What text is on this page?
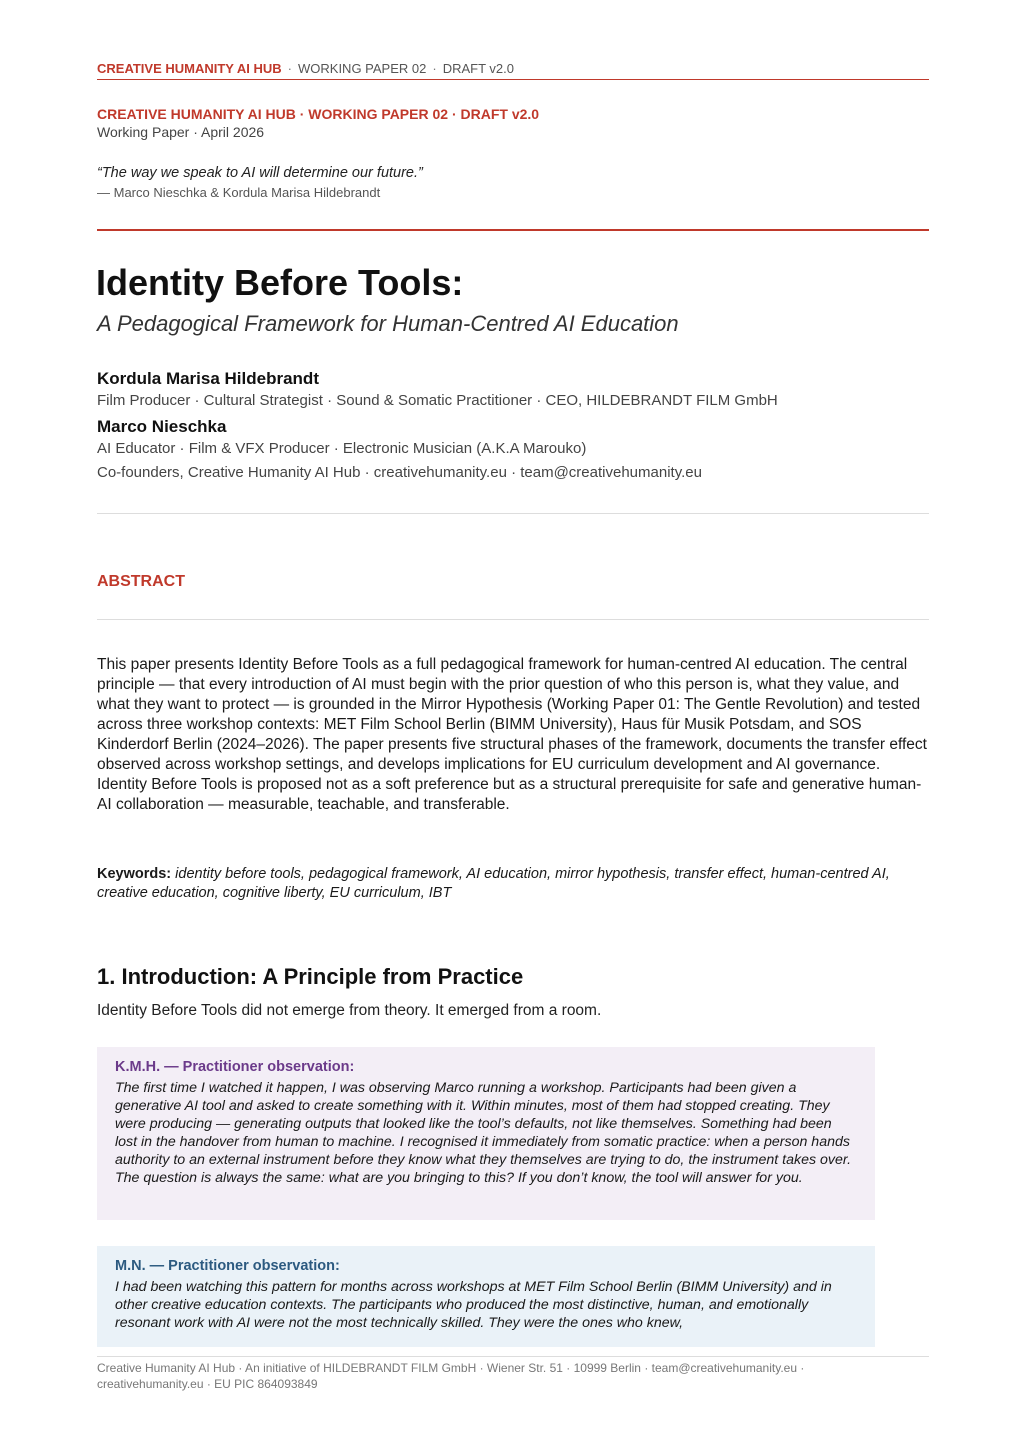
CREATIVE HUMANITY AI HUB · WORKING PAPER 02 · DRAFT v2.0
CREATIVE HUMANITY AI HUB · WORKING PAPER 02 · DRAFT v2.0
Working Paper · April 2026
“The way we speak to AI will determine our future.”
— Marco Nieschka & Kordula Marisa Hildebrandt
Identity Before Tools:
A Pedagogical Framework for Human-Centred AI Education
Kordula Marisa Hildebrandt
Film Producer · Cultural Strategist · Sound & Somatic Practitioner · CEO, HILDEBRANDT FILM GmbH
Marco Nieschka
AI Educator · Film & VFX Producer · Electronic Musician (A.K.A Marouko)
Co-founders, Creative Humanity AI Hub · creativehumanity.eu · team@creativehumanity.eu
ABSTRACT

This paper presents Identity Before Tools as a full pedagogical framework for human-centred AI education. The central principle — that every introduction of AI must begin with the prior question of who this person is, what they value, and what they want to protect — is grounded in the Mirror Hypothesis (Working Paper 01: The Gentle Revolution) and tested across three workshop contexts: MET Film School Berlin (BIMM University), Haus für Musik Potsdam, and SOS Kinderdorf Berlin (2024–2026). The paper presents five structural phases of the framework, documents the transfer effect observed across workshop settings, and develops implications for EU curriculum development and AI governance. Identity Before Tools is proposed not as a soft preference but as a structural prerequisite for safe and generative human-AI collaboration — measurable, teachable, and transferable.

Keywords: identity before tools, pedagogical framework, AI education, mirror hypothesis, transfer effect, human-centred AI, creative education, cognitive liberty, EU curriculum, IBT

1. Introduction: A Principle from Practice
Identity Before Tools did not emerge from theory. It emerged from a room.
K.M.H. — Practitioner observation:

The first time I watched it happen, I was observing Marco running a workshop. Participants had been given a generative AI tool and asked to create something with it. Within minutes, most of them had stopped creating. They were producing — generating outputs that looked like the tool’s defaults, not like themselves. Something had been lost in the handover from human to machine. I recognised it immediately from somatic practice: when a person hands authority to an external instrument before they know what they themselves are trying to do, the instrument takes over. The question is always the same: what are you bringing to this? If you don’t know, the tool will answer for you.

M.N. — Practitioner observation:

I had been watching this pattern for months across workshops at MET Film School Berlin (BIMM University) and in other creative education contexts. The participants who produced the most distinctive, human, and emotionally resonant work with AI were not the most technically skilled. They were the ones who knew,

Creative Humanity AI Hub · An initiative of HILDEBRANDT FILM GmbH · Wiener Str. 51 · 10999 Berlin · team@creativehumanity.eu ·
creativehumanity.eu · EU PIC 864093849
